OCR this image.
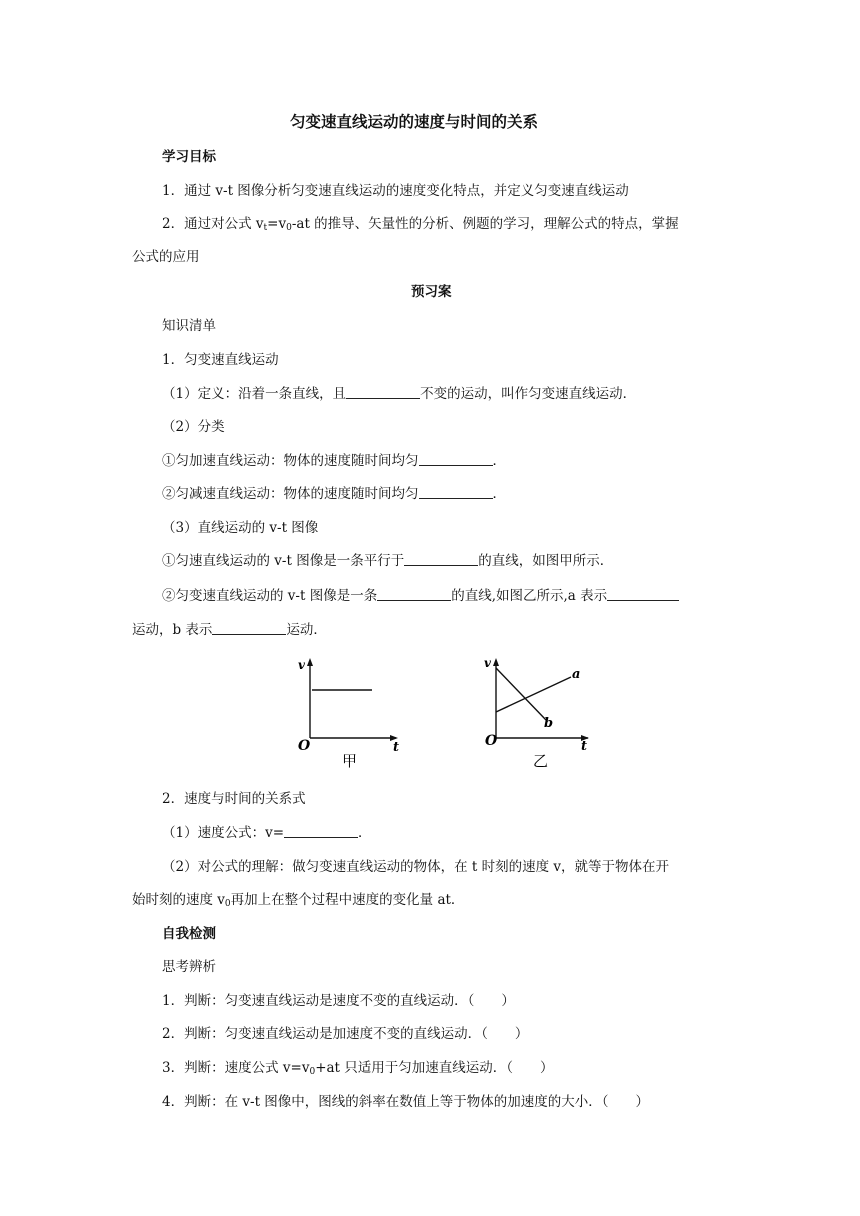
匀变速直线运动的速度与时间的关系
学习目标
1．通过 v-t 图像分析匀变速直线运动的速度变化特点，并定义匀变速直线运动
2．通过对公式 $v_t=v_0-at$ 的推导、矢量性的分析、例题的学习，理解公式的特点，掌握
公式的应用
预习案
知识清单
1．匀变速直线运动
（1）定义：沿着一条直线，且	不变的运动，叫作匀变速直线运动．
（2）分类
①匀加速直线运动：物体的速度随时间均匀	．
②匀减速直线运动：物体的速度随时间均匀	．
（3）直线运动的 v-t 图像
①匀速直线运动的 v-t 图像是一条平行于	的直线，如图甲所示．
②匀变速直线运动的 v-t 图像是一条	的直线,如图乙所示,a 表示
运动，b 表示	运动．
v
O	t
甲
v
O	t
a
b
乙
2．速度与时间的关系式
（1）速度公式：v=	．
（2）对公式的理解：做匀变速直线运动的物体，在 t 时刻的速度 v，就等于物体在开
始时刻的速度 $v_0$再加上在整个过程中速度的变化量 at．
自我检测
思考辨析
1．判断：匀变速直线运动是速度不变的直线运动．（　　）
2．判断：匀变速直线运动是加速度不变的直线运动．（　　）
3．判断：速度公式 $v=v_0+at$ 只适用于匀加速直线运动．（　　）
4．判断：在 v-t 图像中，图线的斜率在数值上等于物体的加速度的大小．（　　）
